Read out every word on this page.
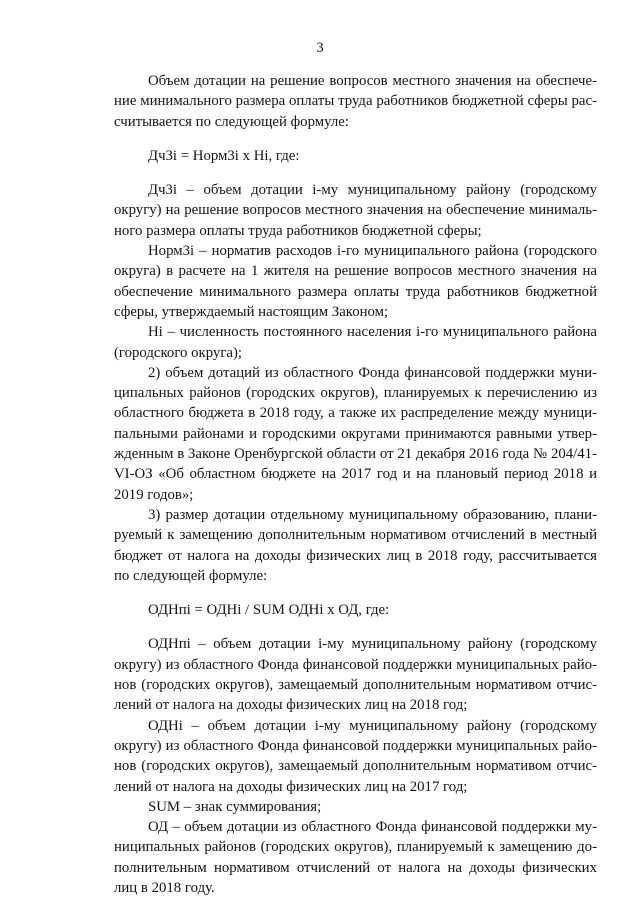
3

Объем дотации на решение вопросов местного значения на обеспечение минимального размера оплаты труда работников бюджетной сферы рассчитывается по следующей формуле:

Дч3i = Норм3i х Hi, где:

Дч3i – объем дотации i-му муниципальному району (городскому округу) на решение вопросов местного значения на обеспечение минимального размера оплаты труда работников бюджетной сферы;

Норм3i – норматив расходов i-го муниципального района (городского округа) в расчете на 1 жителя на решение вопросов местного значения на обеспечение минимального размера оплаты труда работников бюджетной сферы, утверждаемый настоящим Законом;

Hi – численность постоянного населения i-го муниципального района (городского округа);

2) объем дотаций из областного Фонда финансовой поддержки муниципальных районов (городских округов), планируемых к перечислению из областного бюджета в 2018 году, а также их распределение между муниципальными районами и городскими округами принимаются равными утвержденным в Законе Оренбургской области от 21 декабря 2016 года № 204/41-VI-ОЗ «Об областном бюджете на 2017 год и на плановый период 2018 и 2019 годов»;

3) размер дотации отдельному муниципальному образованию, планируемый к замещению дополнительным нормативом отчислений в местный бюджет от налога на доходы физических лиц в 2018 году, рассчитывается по следующей формуле:

ОДНпi = ОДНi / SUM ОДНi х ОД, где:

ОДНпi – объем дотации i-му муниципальному району (городскому округу) из областного Фонда финансовой поддержки муниципальных районов (городских округов), замещаемый дополнительным нормативом отчислений от налога на доходы физических лиц на 2018 год;

ОДНi – объем дотации i-му муниципальному району (городскому округу) из областного Фонда финансовой поддержки муниципальных районов (городских округов), замещаемый дополнительным нормативом отчислений от налога на доходы физических лиц на 2017 год;

SUM – знак суммирования;

ОД – объем дотации из областного Фонда финансовой поддержки муниципальных районов (городских округов), планируемый к замещению дополнительным нормативом отчислений от налога на доходы физических лиц в 2018 году.
